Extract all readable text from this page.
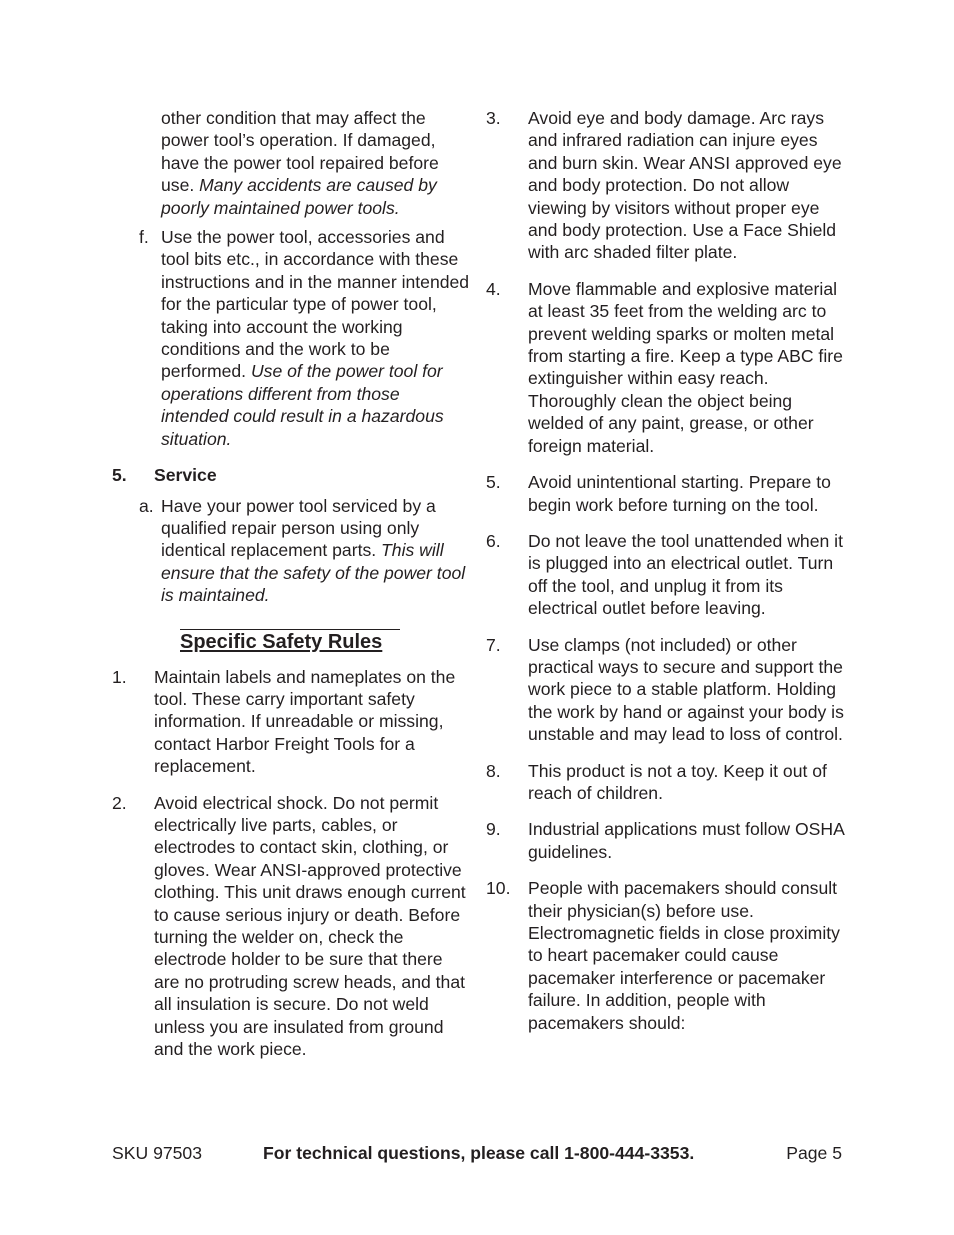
other condition that may affect the power tool’s operation. If damaged, have the power tool repaired before use. Many accidents are caused by poorly maintained power tools.
f. Use the power tool, accessories and tool bits etc., in accordance with these instructions and in the manner intended for the particular type of power tool, taking into account the working conditions and the work to be performed. Use of the power tool for operations different from those intended could result in a hazardous situation.
5. Service
a. Have your power tool serviced by a qualified repair person using only identical replacement parts. This will ensure that the safety of the power tool is maintained.
Specific Safety Rules
1. Maintain labels and nameplates on the tool. These carry important safety information. If unreadable or missing, contact Harbor Freight Tools for a replacement.
2. Avoid electrical shock. Do not permit electrically live parts, cables, or electrodes to contact skin, clothing, or gloves. Wear ANSI-approved protective clothing. This unit draws enough current to cause serious injury or death. Before turning the welder on, check the electrode holder to be sure that there are no protruding screw heads, and that all insulation is secure. Do not weld unless you are insulated from ground and the work piece.
3. Avoid eye and body damage. Arc rays and infrared radiation can injure eyes and burn skin. Wear ANSI approved eye and body protection. Do not allow viewing by visitors without proper eye and body protection. Use a Face Shield with arc shaded filter plate.
4. Move flammable and explosive material at least 35 feet from the welding arc to prevent welding sparks or molten metal from starting a fire. Keep a type ABC fire extinguisher within easy reach. Thoroughly clean the object being welded of any paint, grease, or other foreign material.
5. Avoid unintentional starting. Prepare to begin work before turning on the tool.
6. Do not leave the tool unattended when it is plugged into an electrical outlet. Turn off the tool, and unplug it from its electrical outlet before leaving.
7. Use clamps (not included) or other practical ways to secure and support the work piece to a stable platform. Holding the work by hand or against your body is unstable and may lead to loss of control.
8. This product is not a toy. Keep it out of reach of children.
9. Industrial applications must follow OSHA guidelines.
10. People with pacemakers should consult their physician(s) before use. Electromagnetic fields in close proximity to heart pacemaker could cause pacemaker interference or pacemaker failure. In addition, people with pacemakers should:
SKU 97503	For technical questions, please call 1-800-444-3353.	Page 5
